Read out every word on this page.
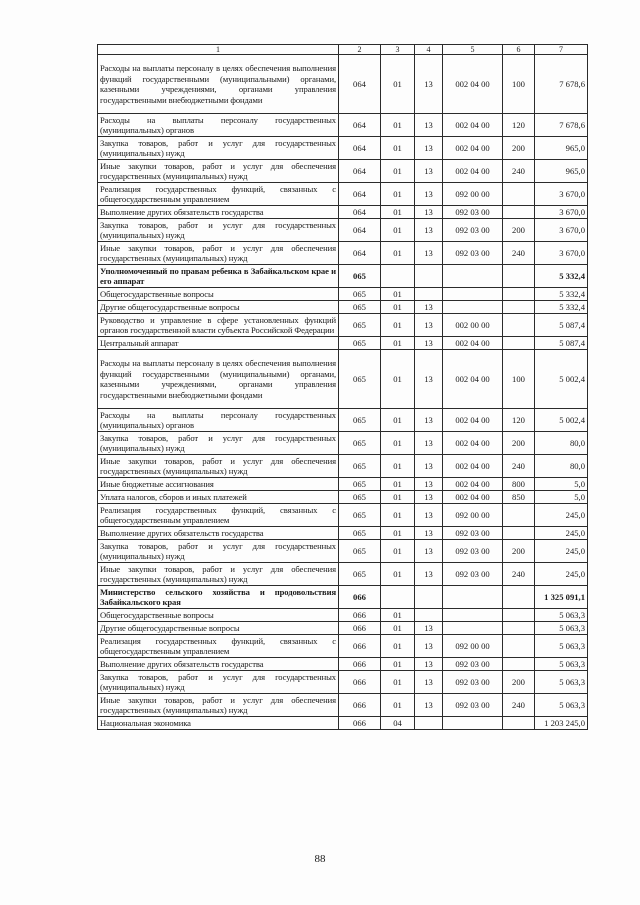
1	2	3	4	5	6	7
Расходы на выплаты персоналу в целях обеспечения выполнения функций государственными (муниципальными) органами, казенными учреждениями, органами управления государственными внебюджетными фондами	064	01	13	002 04 00	100	7 678,6
Расходы на выплаты персоналу государственных (муниципальных) органов	064	01	13	002 04 00	120	7 678,6
Закупка товаров, работ и услуг для государственных (муниципальных) нужд	064	01	13	002 04 00	200	965,0
Иные закупки товаров, работ и услуг для обеспечения государственных (муниципальных) нужд	064	01	13	002 04 00	240	965,0
Реализация государственных функций, связанных с общегосударственным управлением	064	01	13	092 00 00		3 670,0
Выполнение других обязательств государства	064	01	13	092 03 00		3 670,0
Закупка товаров, работ и услуг для государственных (муниципальных) нужд	064	01	13	092 03 00	200	3 670,0
Иные закупки товаров, работ и услуг для обеспечения государственных (муниципальных) нужд	064	01	13	092 03 00	240	3 670,0
Уполномоченный по правам ребенка в Забайкальском крае и его аппарат	065					5 332,4
Общегосударственные вопросы	065	01				5 332,4
Другие общегосударственные вопросы	065	01	13			5 332,4
Руководство и управление в сфере установленных функций органов государственной власти субъекта Российской Федерации	065	01	13	002 00 00		5 087,4
Центральный аппарат	065	01	13	002 04 00		5 087,4
Расходы на выплаты персоналу в целях обеспечения выполнения функций государственными (муниципальными) органами, казенными учреждениями, органами управления государственными внебюджетными фондами	065	01	13	002 04 00	100	5 002,4
Расходы на выплаты персоналу государственных (муниципальных) органов	065	01	13	002 04 00	120	5 002,4
Закупка товаров, работ и услуг для государственных (муниципальных) нужд	065	01	13	002 04 00	200	80,0
Иные закупки товаров, работ и услуг для обеспечения государственных (муниципальных) нужд	065	01	13	002 04 00	240	80,0
Иные бюджетные ассигнования	065	01	13	002 04 00	800	5,0
Уплата налогов, сборов и иных платежей	065	01	13	002 04 00	850	5,0
Реализация государственных функций, связанных с общегосударственным управлением	065	01	13	092 00 00		245,0
Выполнение других обязательств государства	065	01	13	092 03 00		245,0
Закупка товаров, работ и услуг для государственных (муниципальных) нужд	065	01	13	092 03 00	200	245,0
Иные закупки товаров, работ и услуг для обеспечения государственных (муниципальных) нужд	065	01	13	092 03 00	240	245,0
Министерство сельского хозяйства и продовольствия Забайкальского края	066					1 325 091,1
Общегосударственные вопросы	066	01				5 063,3
Другие общегосударственные вопросы	066	01	13			5 063,3
Реализация государственных функций, связанных с общегосударственным управлением	066	01	13	092 00 00		5 063,3
Выполнение других обязательств государства	066	01	13	092 03 00		5 063,3
Закупка товаров, работ и услуг для государственных (муниципальных) нужд	066	01	13	092 03 00	200	5 063,3
Иные закупки товаров, работ и услуг для обеспечения государственных (муниципальных) нужд	066	01	13	092 03 00	240	5 063,3
Национальная экономика	066	04				1 203 245,0
88
